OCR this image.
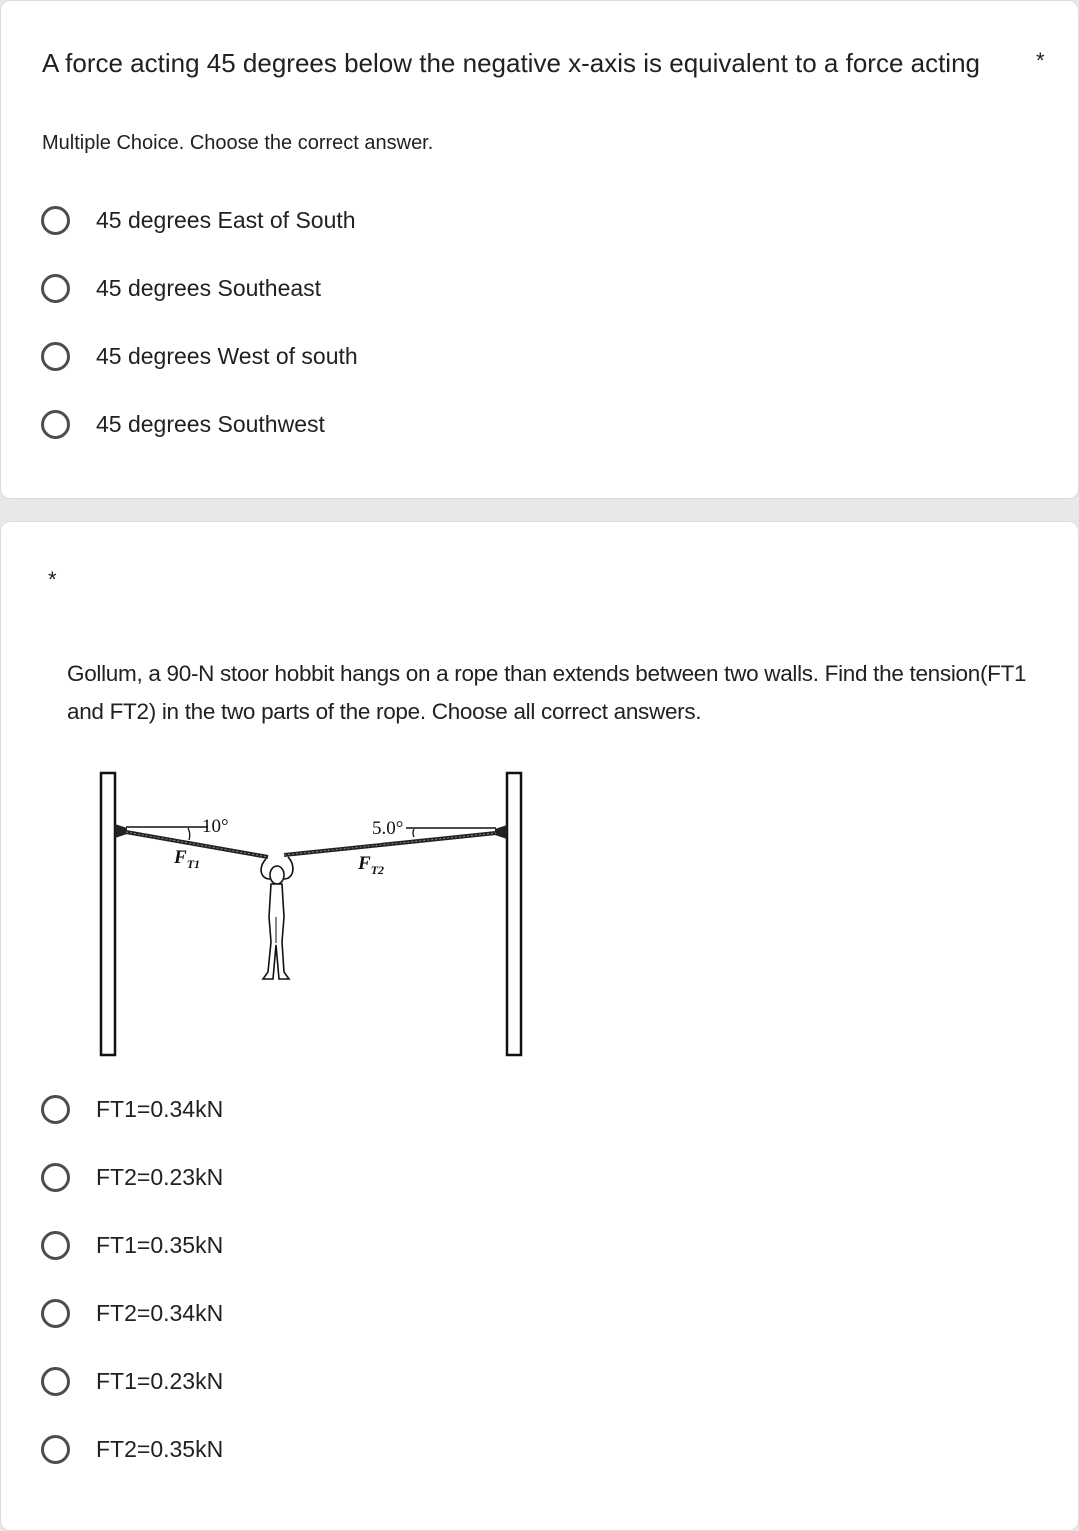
A force acting 45 degrees below the negative x-axis is equivalent to a force acting	*
Multiple Choice. Choose the correct answer.
45 degrees East of South
45 degrees Southeast
45 degrees West of south
45 degrees Southwest
*
Gollum, a 90-N stoor hobbit hangs on a rope than extends between two walls. Find the tension(FT1 and FT2) in the two parts of the rope. Choose all correct answers.
10°	5.0°
$F_{T1}$	$F_{T2}$
FT1=0.34kN
FT2=0.23kN
FT1=0.35kN
FT2=0.34kN
FT1=0.23kN
FT2=0.35kN
